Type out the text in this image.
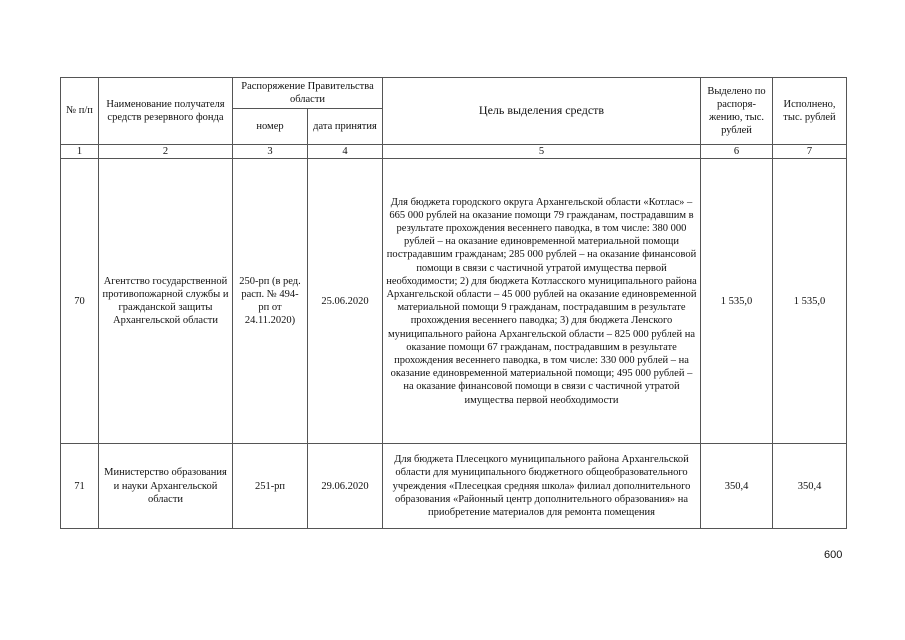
№ п/п	Наименование получателя средств резервного фонда	Распоряжение Правительства области		Цель выделения средств	Выделено по распоря-жению, тыс. рублей	Исполнено, тыс. рублей
		номер	дата принятия			
1	2	3	4	5	6	7
70	Агентство государственной противопожарной службы и гражданской защиты Архангельской области	250-рп (в ред. расп. № 494-рп от 24.11.2020)	25.06.2020	Для бюджета городского округа Архангельской области «Котлас» –665 000 рублей на оказание помощи 79 гражданам, пострадавшим в результате прохождения весеннего паводка, в том числе: 380 000 рублей – на оказание единовременной материальной помощи пострадавшим гражданам; 285 000 рублей – на оказание финансовой помощи в связи с частичной утратой имущества первой необходимости; 2) для бюджета Котласского муниципального района Архангельской области – 45 000 рублей на оказание единовременной материальной помощи 9 гражданам, пострадавшим в результате прохождения весеннего паводка; 3) для бюджета Ленского муниципального района Архангельской области – 825 000 рублей на оказание помощи 67 гражданам, пострадавшим в результате прохождения весеннего паводка, в том числе: 330 000 рублей – на оказание единовременной материальной помощи; 495 000 рублей – на оказание финансовой помощи в связи с частичной утратой имущества первой необходимости	1 535,0	1 535,0
71	Министерство образования и науки Архангельской области	251-рп	29.06.2020	Для бюджета Плесецкого муниципального района Архангельской области для муниципального бюджетного общеобразовательного учреждения «Плесецкая средняя школа» филиал дополнительного образования «Районный центр дополнительного образования» на приобретение материалов для ремонта помещения	350,4	350,4
600
